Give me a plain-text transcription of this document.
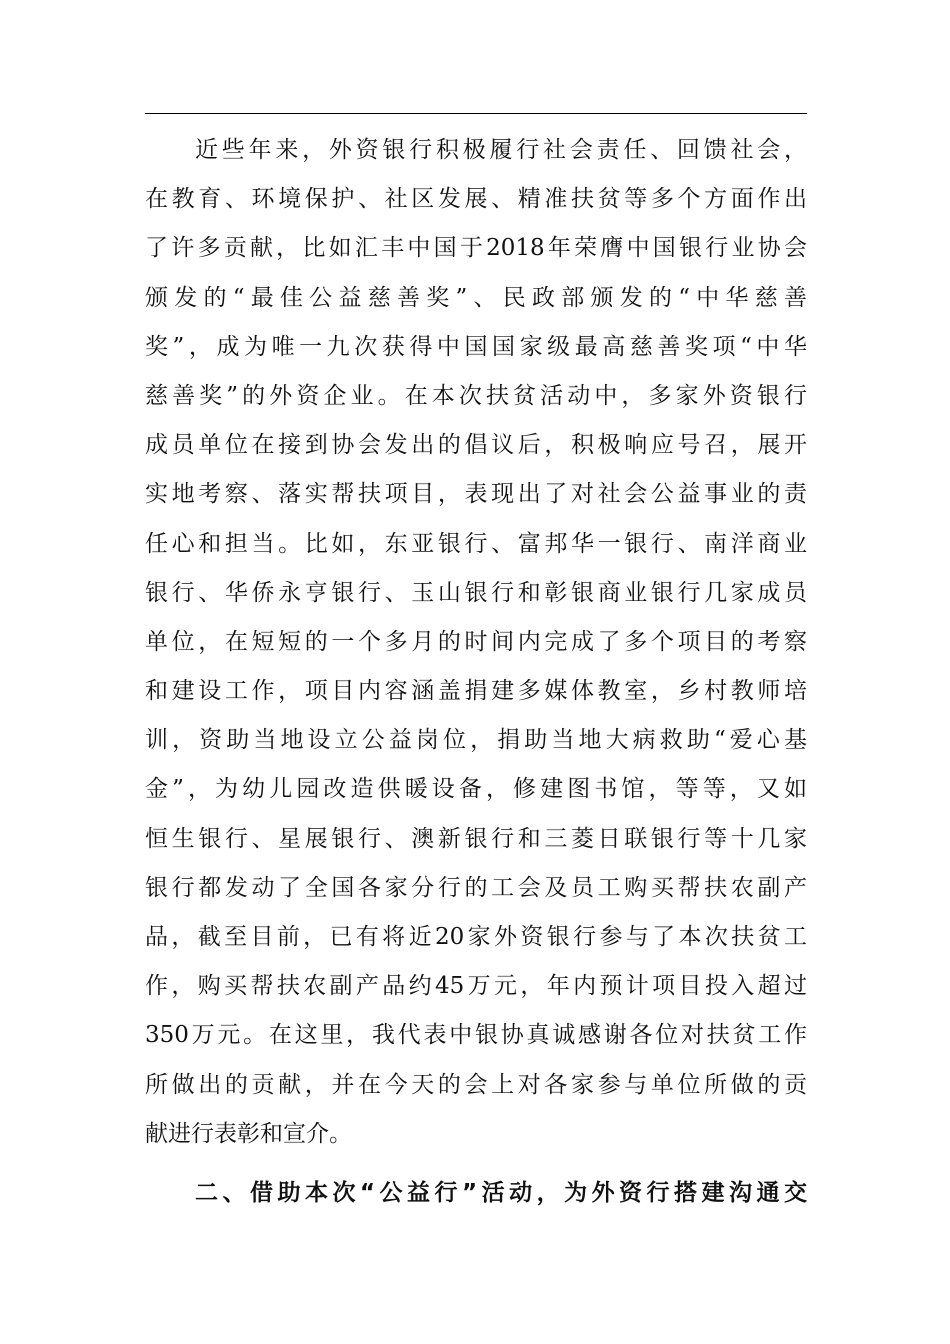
近些年来，外资银行积极履行社会责任、回馈社会，
在教育、环境保护、社区发展、精准扶贫等多个方面作出
了许多贡献，比如汇丰中国于2018年荣膺中国银行业协会
颁发的“最佳公益慈善奖”、民政部颁发的“中华慈善
奖”，成为唯一九次获得中国国家级最高慈善奖项“中华
慈善奖”的外资企业。在本次扶贫活动中，多家外资银行
成员单位在接到协会发出的倡议后，积极响应号召，展开
实地考察、落实帮扶项目，表现出了对社会公益事业的责
任心和担当。比如，东亚银行、富邦华一银行、南洋商业
银行、华侨永亨银行、玉山银行和彰银商业银行几家成员
单位，在短短的一个多月的时间内完成了多个项目的考察
和建设工作，项目内容涵盖捐建多媒体教室，乡村教师培
训，资助当地设立公益岗位，捐助当地大病救助“爱心基
金”，为幼儿园改造供暖设备，修建图书馆，等等，又如
恒生银行、星展银行、澳新银行和三菱日联银行等十几家
银行都发动了全国各家分行的工会及员工购买帮扶农副产
品，截至目前，已有将近20家外资银行参与了本次扶贫工
作，购买帮扶农副产品约45万元，年内预计项目投入超过
350万元。在这里，我代表中银协真诚感谢各位对扶贫工作
所做出的贡献，并在今天的会上对各家参与单位所做的贡
献进行表彰和宣介。
二、借助本次“公益行”活动，为外资行搭建沟通交
